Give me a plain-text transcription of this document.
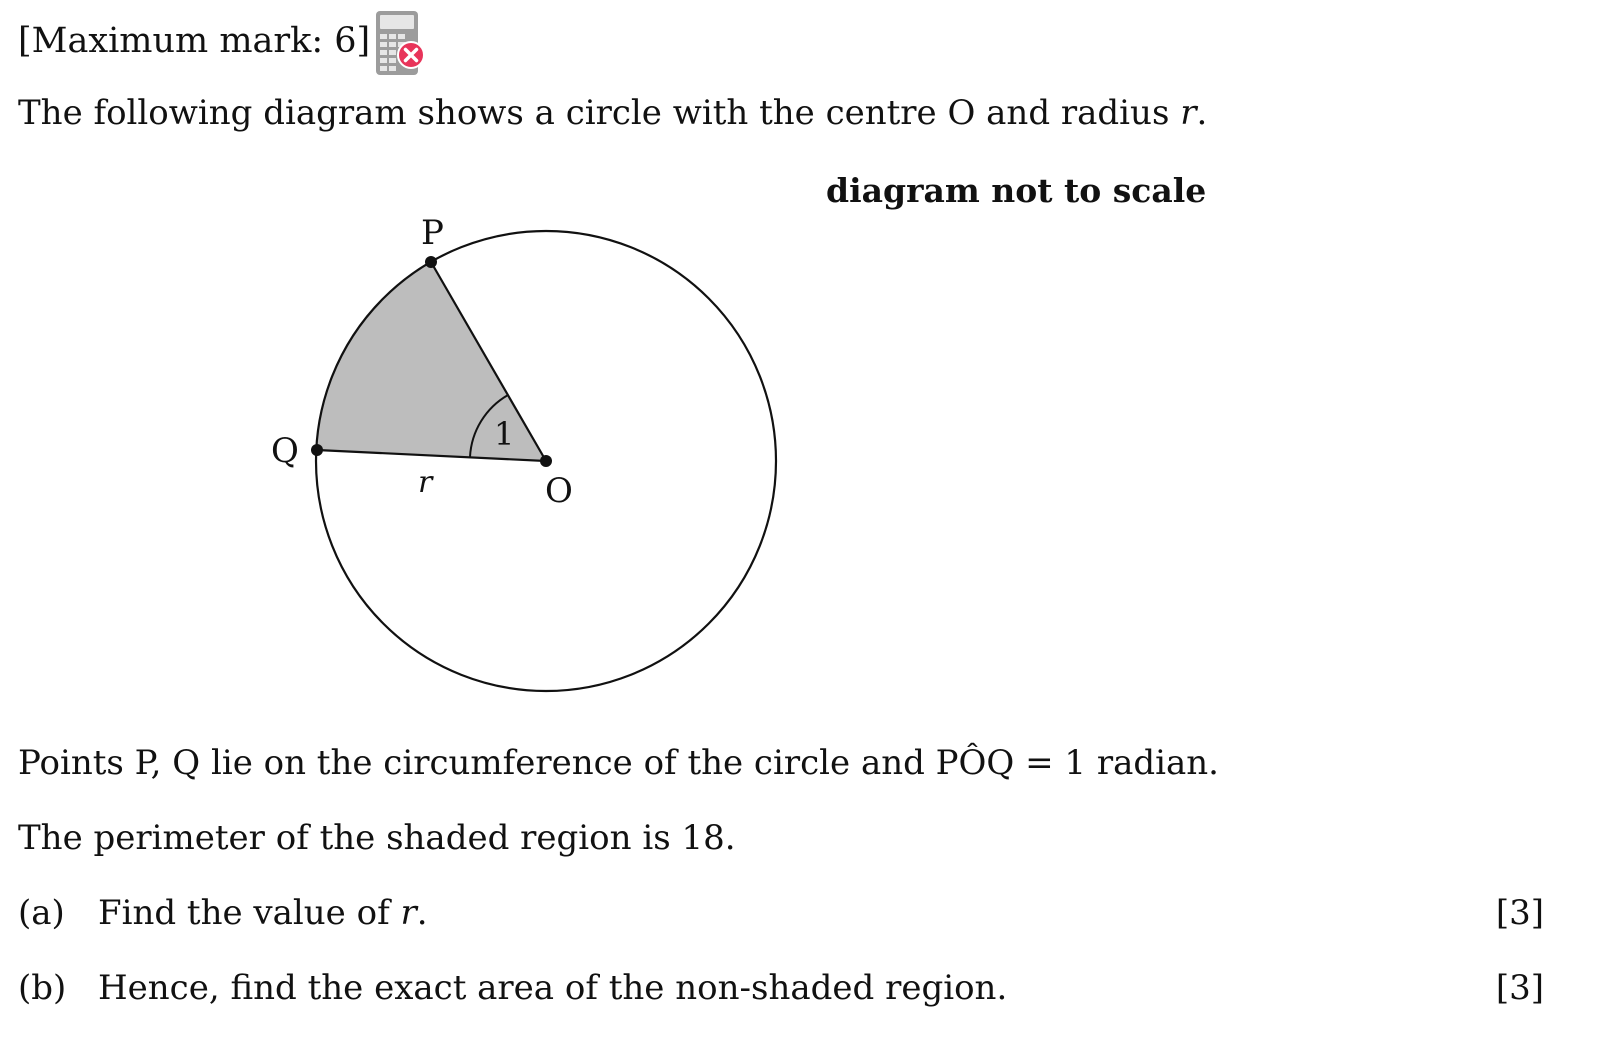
[Maximum mark: 6]
The following diagram shows a circle with the centre O and radius r.
diagram not to scale
P
Q
O
1
r
Points P, Q lie on the circumference of the circle and PÔQ = 1 radian.
The perimeter of the shaded region is 18.
(a) Find the value of r.	[3]
(b) Hence, find the exact area of the non-shaded region.	[3]
